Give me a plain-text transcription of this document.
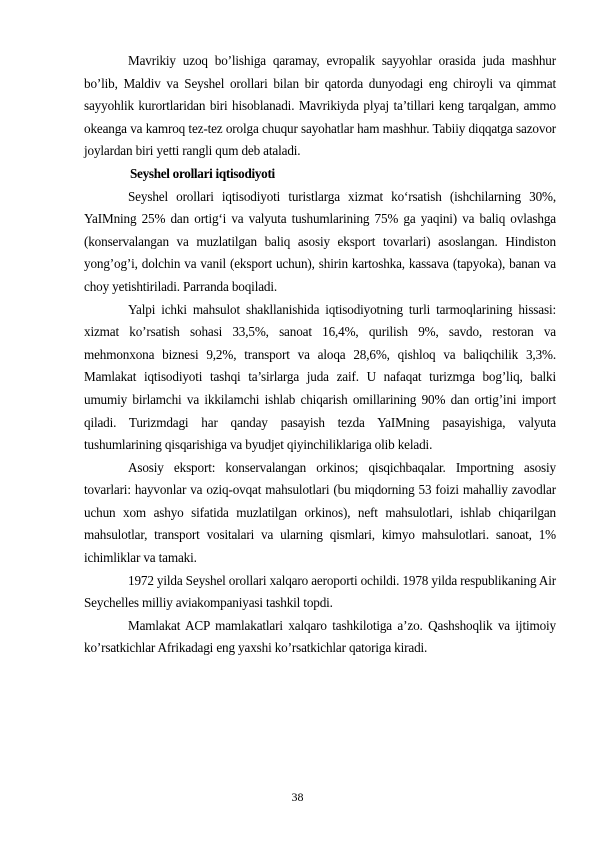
Mavrikiy uzoq bo’lishiga qaramay, evropalik sayyohlar orasida juda mashhur bo’lib, Maldiv va Seyshel orollari bilan bir qatorda dunyodagi eng chiroyli va qimmat sayyohlik kurortlaridan biri hisoblanadi. Mavrikiyda plyaj ta’tillari keng tarqalgan, ammo okeanga va kamroq tez-tez orolga chuqur sayohatlar ham mashhur. Tabiiy diqqatga sazovor joylardan biri yetti rangli qum deb ataladi.

Seyshel orollari iqtisodiyoti

Seyshel orollari iqtisodiyoti turistlarga xizmat ko‘rsatish (ishchilarning 30%, YaIMning 25% dan ortig‘i va valyuta tushumlarining 75% ga yaqini) va baliq ovlashga (konservalangan va muzlatilgan baliq asosiy eksport tovarlari) asoslangan. Hindiston yong’og’i, dolchin va vanil (eksport uchun), shirin kartoshka, kassava (tapyoka), banan va choy yetishtiriladi. Parranda boqiladi.

Yalpi ichki mahsulot shakllanishida iqtisodiyotning turli tarmoqlarining hissasi: xizmat ko’rsatish sohasi 33,5%, sanoat 16,4%, qurilish 9%, savdo, restoran va mehmonxona biznesi 9,2%, transport va aloqa 28,6%, qishloq va baliqchilik 3,3%. Mamlakat iqtisodiyoti tashqi ta’sirlarga juda zaif. U nafaqat turizmga bog’liq, balki umumiy birlamchi va ikkilamchi ishlab chiqarish omillarining 90% dan ortig’ini import qiladi. Turizmdagi har qanday pasayish tezda YaIMning pasayishiga, valyuta tushumlarining qisqarishiga va byudjet qiyinchiliklariga olib keladi.

Asosiy eksport: konservalangan orkinos; qisqichbaqalar. Importning asosiy tovarlari: hayvonlar va oziq-ovqat mahsulotlari (bu miqdorning 53 foizi mahalliy zavodlar uchun xom ashyo sifatida muzlatilgan orkinos), neft mahsulotlari, ishlab chiqarilgan mahsulotlar, transport vositalari va ularning qismlari, kimyo mahsulotlari. sanoat, 1% ichimliklar va tamaki.

1972 yilda Seyshel orollari xalqaro aeroporti ochildi. 1978 yilda respublikaning Air Seychelles milliy aviakompaniyasi tashkil topdi.

Mamlakat ACP mamlakatlari xalqaro tashkilotiga a’zo. Qashshoqlik va ijtimoiy ko’rsatkichlar Afrikadagi eng yaxshi ko’rsatkichlar qatoriga kiradi.

38
